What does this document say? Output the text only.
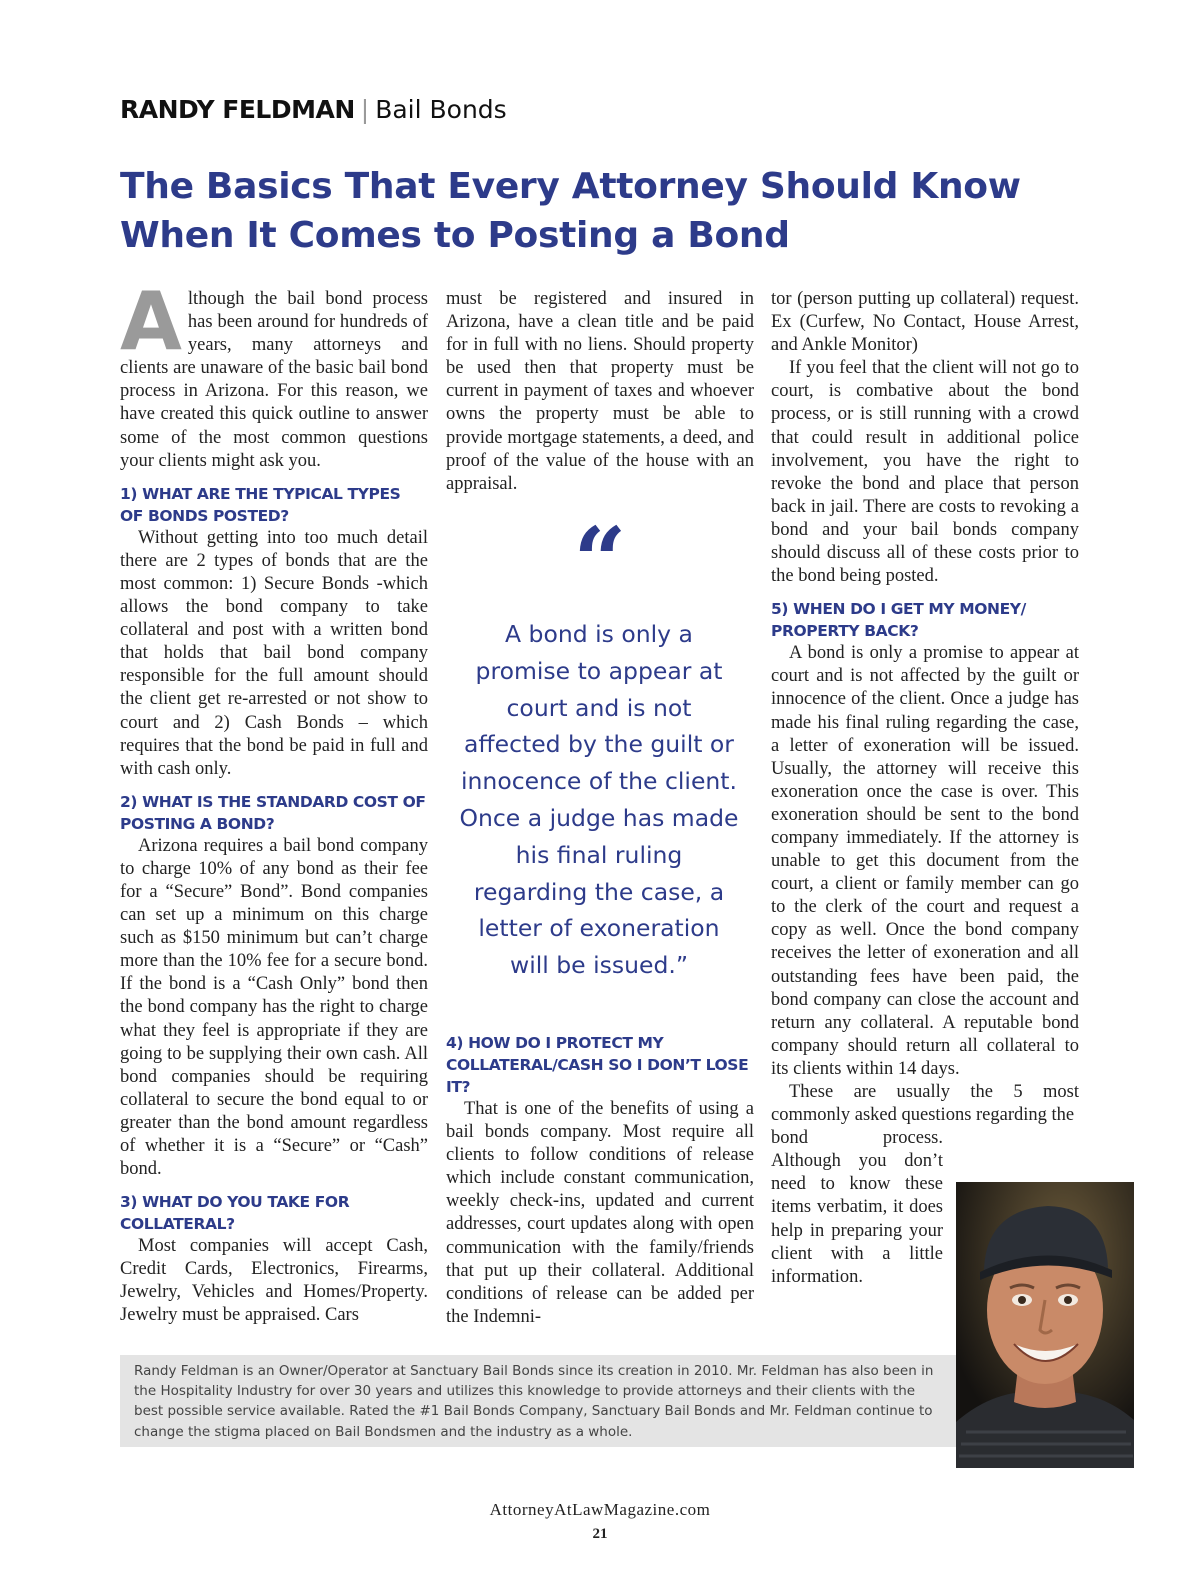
RANDY FELDMAN | Bail Bonds
The Basics That Every Attorney Should Know When It Comes to Posting a Bond

Although the bail bond process has been around for hundreds of years, many attorneys and clients are unaware of the basic bail bond process in Arizona. For this reason, we have created this quick outline to answer some of the most common questions your clients might ask you.

1) WHAT ARE THE TYPICAL TYPES OF BONDS POSTED?

Without getting into too much detail there are 2 types of bonds that are the most common: 1) Secure Bonds -which allows the bond company to take collateral and post with a written bond that holds that bail bond company responsible for the full amount should the client get re-arrested or not show to court and 2) Cash Bonds – which requires that the bond be paid in full and with cash only.

2) WHAT IS THE STANDARD COST OF POSTING A BOND?

Arizona requires a bail bond company to charge 10% of any bond as their fee for a “Secure” Bond”. Bond companies can set up a minimum on this charge such as $150 minimum but can’t charge more than the 10% fee for a secure bond. If the bond is a “Cash Only” bond then the bond company has the right to charge what they feel is appropriate if they are going to be supplying their own cash. All bond companies should be requiring collateral to secure the bond equal to or greater than the bond amount regardless of whether it is a “Secure” or “Cash” bond.

3) WHAT DO YOU TAKE FOR COLLATERAL?

Most companies will accept Cash, Credit Cards, Electronics, Firearms, Jewelry, Vehicles and Homes/Property. Jewelry must be appraised. Cars

must be registered and insured in Arizona, have a clean title and be paid for in full with no liens. Should property be used then that property must be current in payment of taxes and whoever owns the property must be able to provide mortgage statements, a deed, and proof of the value of the house with an appraisal.

“

A bond is only a promise to appear at court and is not affected by the guilt or innocence of the client. Once a judge has made his final ruling regarding the case, a letter of exoneration will be issued.”

4) HOW DO I PROTECT MY COLLATERAL/CASH SO I DON’T LOSE IT?

That is one of the benefits of using a bail bonds company. Most require all clients to follow conditions of release which include constant communication, weekly check-ins, updated and current addresses, court updates along with open communication with the family/friends that put up their collateral. Additional conditions of release can be added per the Indemni-

tor (person putting up collateral) request. Ex (Curfew, No Contact, House Arrest, and Ankle Monitor)

If you feel that the client will not go to court, is combative about the bond process, or is still running with a crowd that could result in additional police involvement, you have the right to revoke the bond and place that person back in jail. There are costs to revoking a bond and your bail bonds company should discuss all of these costs prior to the bond being posted.

5) WHEN DO I GET MY MONEY/ PROPERTY BACK?

A bond is only a promise to appear at court and is not affected by the guilt or innocence of the client. Once a judge has made his final ruling regarding the case, a letter of exoneration will be issued. Usually, the attorney will receive this exoneration once the case is over. This exoneration should be sent to the bond company immediately. If the attorney is unable to get this document from the court, a client or family member can go to the clerk of the court and request a copy as well. Once the bond company receives the letter of exoneration and all outstanding fees have been paid, the bond company can close the account and return any collateral. A reputable bond company should return all collateral to its clients within 14 days.

These are usually the 5 most commonly asked questions regarding the

bond process. Although you don’t need to know these items verbatim, it does help in preparing your client with a little information.

Randy Feldman is an Owner/Operator at Sanctuary Bail Bonds since its creation in 2010. Mr. Feldman has also been in the Hospitality Industry for over 30 years and utilizes this knowledge to provide attorneys and their clients with the best possible service available. Rated the #1 Bail Bonds Company, Sanctuary Bail Bonds and Mr. Feldman continue to change the stigma placed on Bail Bondsmen and the industry as a whole.
AttorneyAtLawMagazine.com
21
